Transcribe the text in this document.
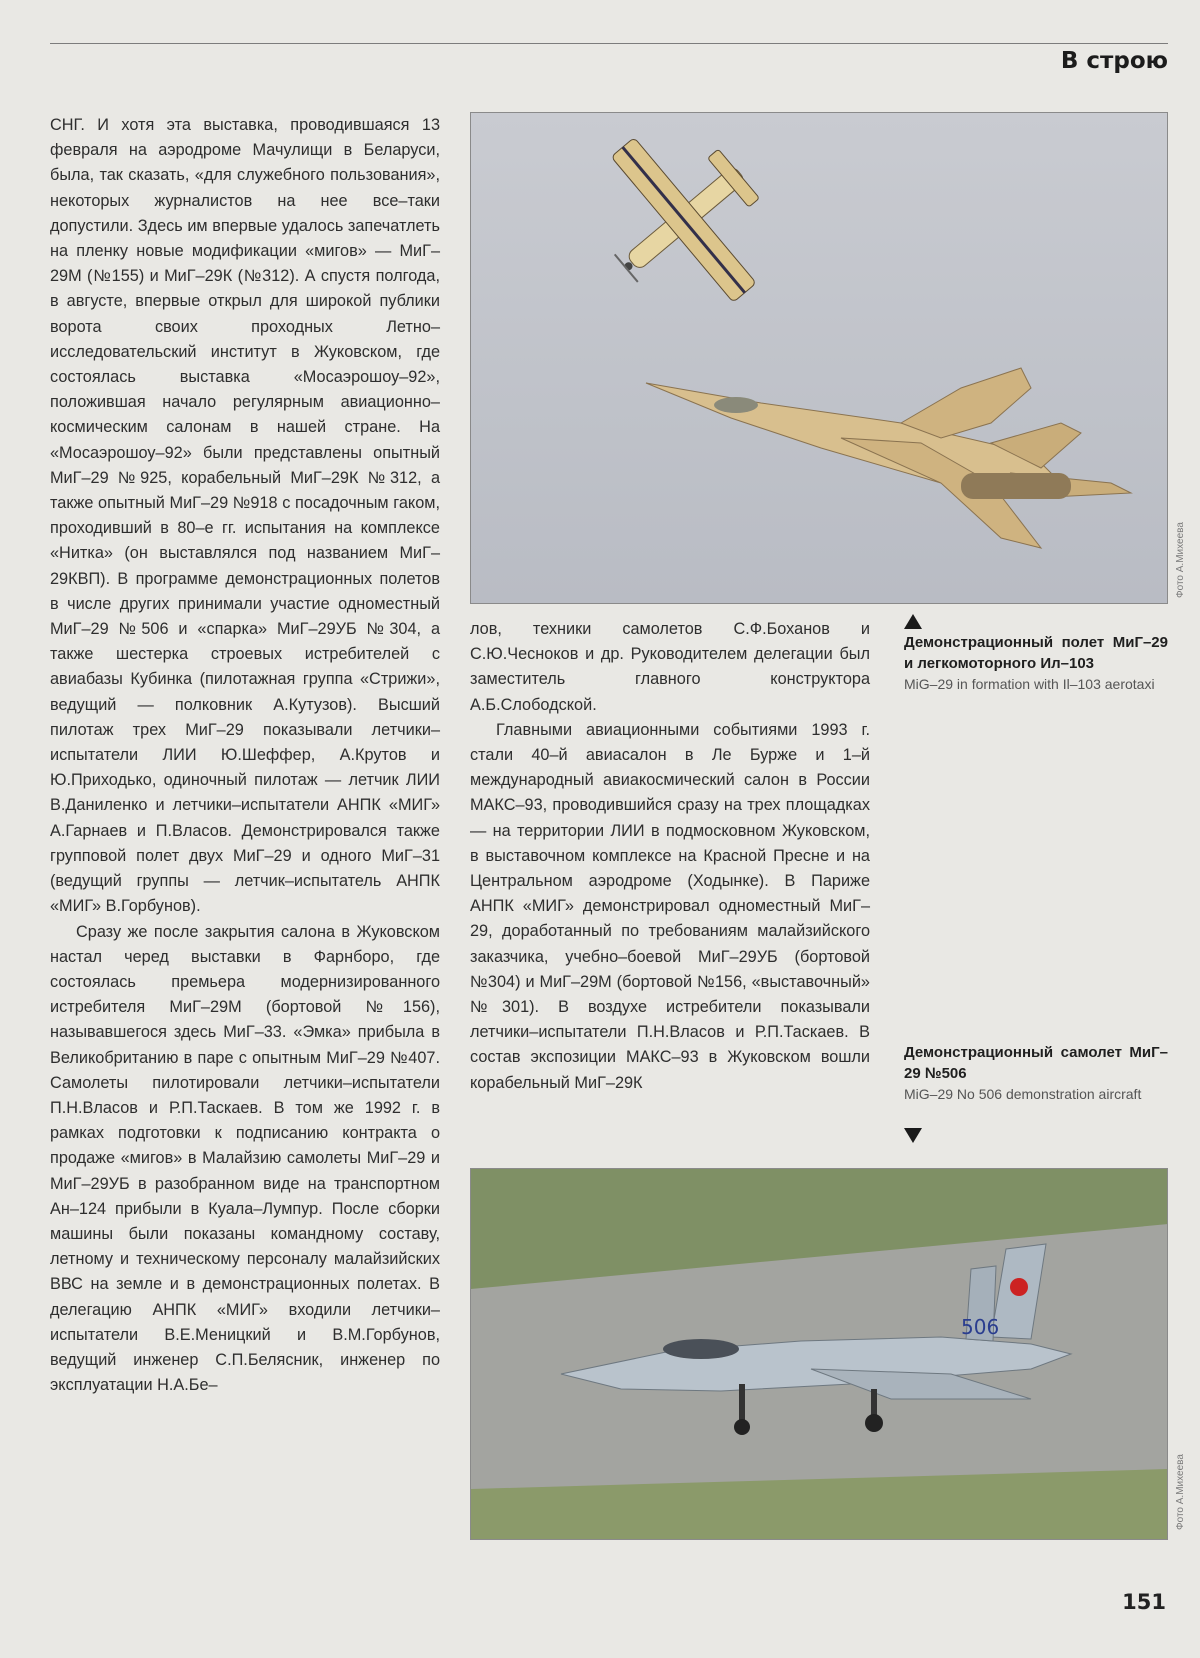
В строю

СНГ. И хотя эта выставка, проводившаяся 13 февраля на аэродроме Мачулищи в Беларуси, была, так сказать, «для служебного пользования», некоторых журналистов на нее все–таки допустили. Здесь им впервые удалось запечатлеть на пленку новые модификации «мигов» — МиГ–29М (№155) и МиГ–29К (№312). А спустя полгода, в августе, впервые открыл для широкой публики ворота своих проходных Летно–исследовательский институт в Жуковском, где состоялась выставка «Мосаэрошоу–92», положившая начало регулярным авиационно–космическим салонам в нашей стране. На «Мосаэрошоу–92» были представлены опытный МиГ–29 №925, корабельный МиГ–29К №312, а также опытный МиГ–29 №918 с посадочным гаком, проходивший в 80–е гг. испытания на комплексе «Нитка» (он выставлялся под названием МиГ–29КВП). В программе демонстрационных полетов в числе других принимали участие одноместный МиГ–29 №506 и «спарка» МиГ–29УБ №304, а также шестерка строевых истребителей с авиабазы Кубинка (пилотажная группа «Стрижи», ведущий — полковник А.Кутузов). Высший пилотаж трех МиГ–29 показывали летчики–испытатели ЛИИ Ю.Шеффер, А.Крутов и Ю.Приходько, одиночный пилотаж — летчик ЛИИ В.Даниленко и летчики–испытатели АНПК «МИГ» А.Гарнаев и П.Власов. Демонстрировался также групповой полет двух МиГ–29 и одного МиГ–31 (ведущий группы — летчик–испытатель АНПК «МИГ» В.Горбунов).

Сразу же после закрытия салона в Жуковском настал черед выставки в Фарнборо, где состоялась премьера модернизированного истребителя МиГ–29М (бортовой №156), называвшегося здесь МиГ–33. «Эмка» прибыла в Великобританию в паре с опытным МиГ–29 №407. Самолеты пилотировали летчики–испытатели П.Н.Власов и Р.П.Таскаев. В том же 1992 г. в рамках подготовки к подписанию контракта о продаже «мигов» в Малайзию самолеты МиГ–29 и МиГ–29УБ в разобранном виде на транспортном Ан–124 прибыли в Куала–Лумпур. После сборки машины были показаны командному составу, летному и техническому персоналу малайзийских ВВС на земле и в демонстрационных полетах. В делегацию АНПК «МИГ» входили летчики–испытатели В.Е.Меницкий и В.М.Горбунов, ведущий инженер С.П.Белясник, инженер по эксплуатации Н.А.Бе–

Фото А.Михеева

лов, техники самолетов С.Ф.Боханов и С.Ю.Чесноков и др. Руководителем делегации был заместитель главного конструктора А.Б.Слободской.

Главными авиационными событиями 1993 г. стали 40–й авиасалон в Ле Бурже и 1–й международный авиакосмический салон в России МАКС–93, проводившийся сразу на трех площадках — на территории ЛИИ в подмосковном Жуковском, в выставочном комплексе на Красной Пресне и на Центральном аэродроме (Ходынке). В Париже АНПК «МИГ» демонстрировал одноместный МиГ–29, доработанный по требованиям малайзийского заказчика, учебно–боевой МиГ–29УБ (бортовой №304) и МиГ–29М (бортовой №156, «выставочный» №301). В воздухе истребители показывали летчики–испытатели П.Н.Власов и Р.П.Таскаев. В состав экспозиции МАКС–93 в Жуковском вошли корабельный МиГ–29К

Демонстрационный полет МиГ–29 и легкомоторного Ил–103
MiG–29 in formation with Il–103 aerotaxi
Демонстрационный самолет МиГ–29 №506
MiG–29 No 506 demonstration aircraft
506
Фото А.Михеева
151
